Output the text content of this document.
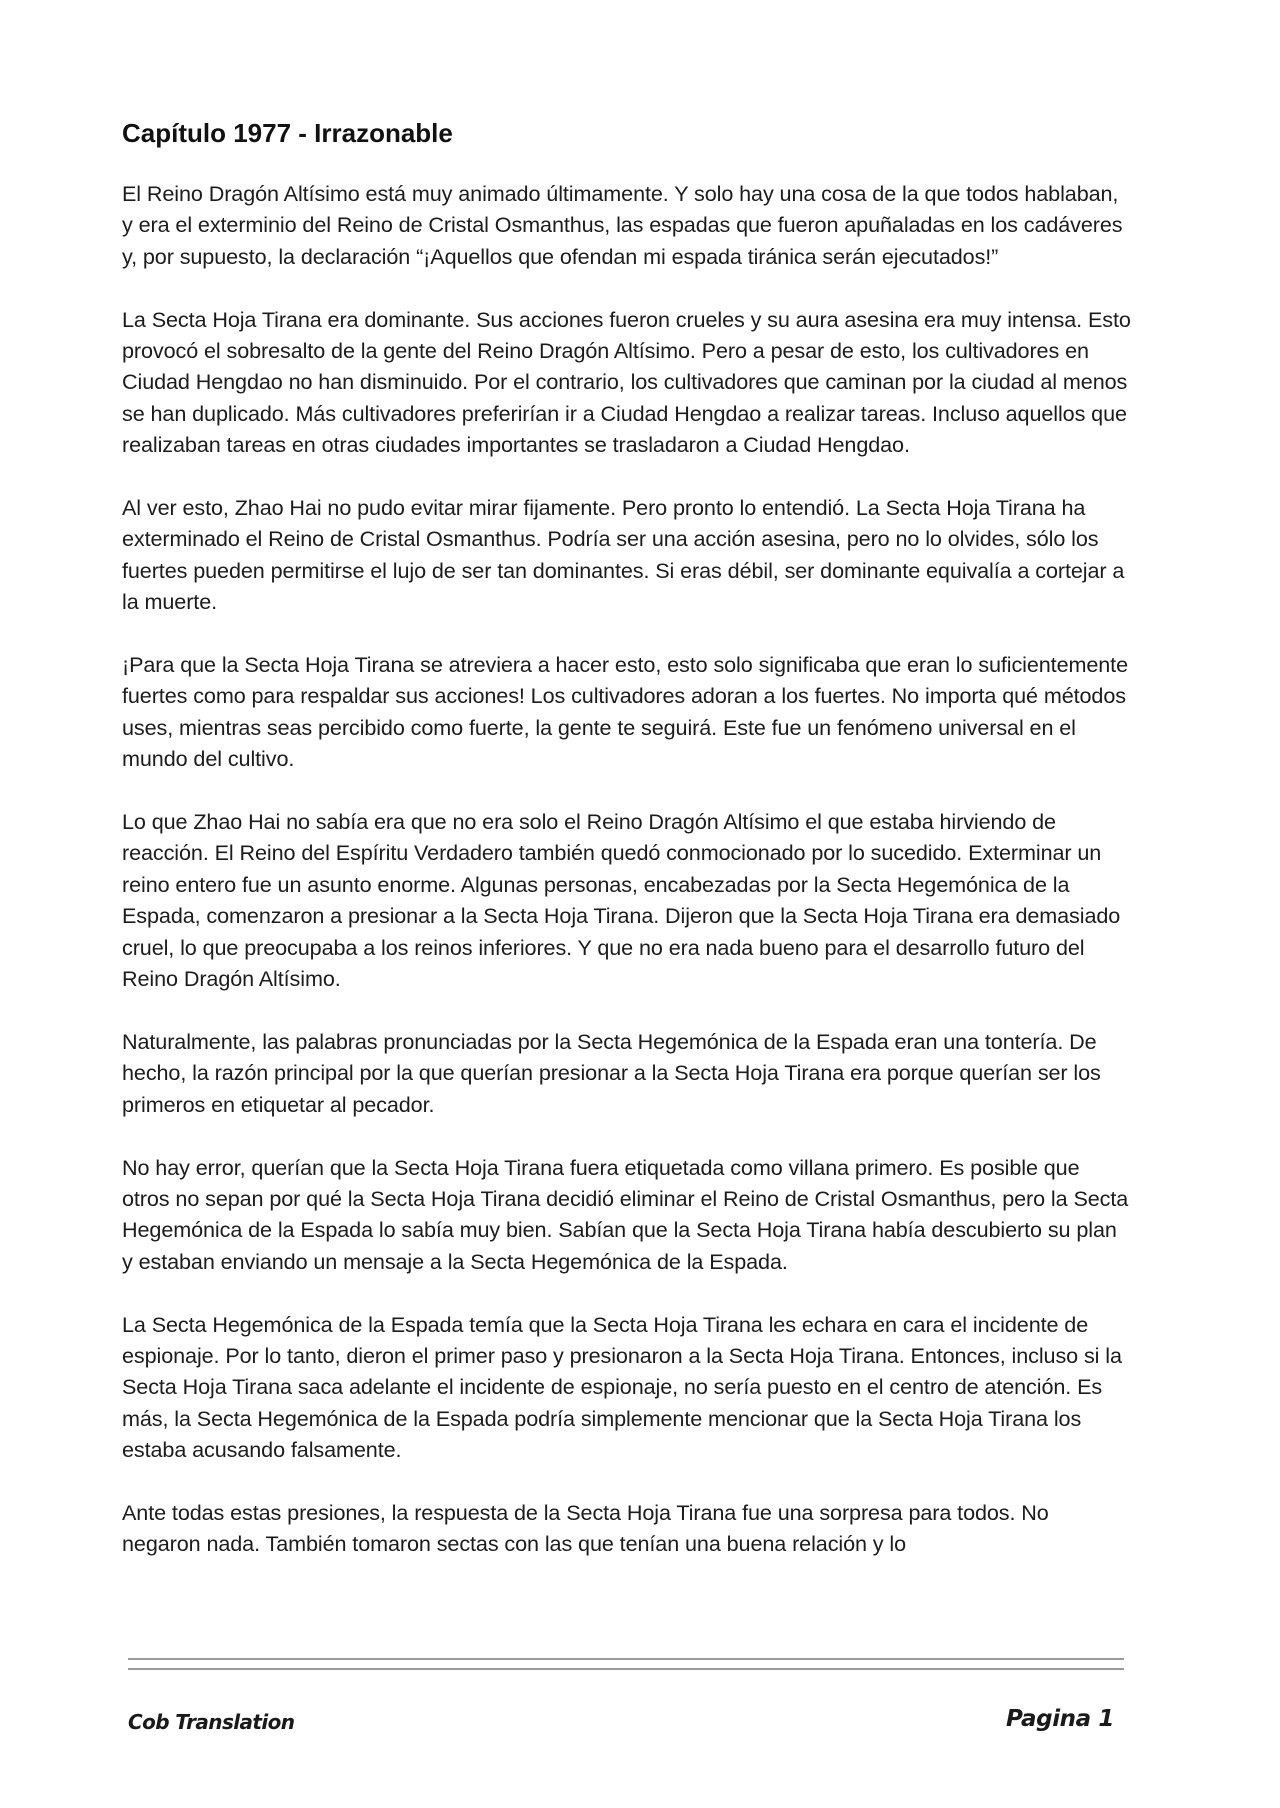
Capítulo 1977 - Irrazonable

El Reino Dragón Altísimo está muy animado últimamente. Y solo hay una cosa de la que todos hablaban, y era el exterminio del Reino de Cristal Osmanthus, las espadas que fueron apuñaladas en los cadáveres y, por supuesto, la declaración “¡Aquellos que ofendan mi espada tiránica serán ejecutados!”

La Secta Hoja Tirana era dominante. Sus acciones fueron crueles y su aura asesina era muy intensa. Esto provocó el sobresalto de la gente del Reino Dragón Altísimo. Pero a pesar de esto, los cultivadores en Ciudad Hengdao no han disminuido. Por el contrario, los cultivadores que caminan por la ciudad al menos se han duplicado. Más cultivadores preferirían ir a Ciudad Hengdao a realizar tareas. Incluso aquellos que realizaban tareas en otras ciudades importantes se trasladaron a Ciudad Hengdao.

Al ver esto, Zhao Hai no pudo evitar mirar fijamente. Pero pronto lo entendió. La Secta Hoja Tirana ha exterminado el Reino de Cristal Osmanthus. Podría ser una acción asesina, pero no lo olvides, sólo los fuertes pueden permitirse el lujo de ser tan dominantes. Si eras débil, ser dominante equivalía a cortejar a la muerte.

¡Para que la Secta Hoja Tirana se atreviera a hacer esto, esto solo significaba que eran lo suficientemente fuertes como para respaldar sus acciones! Los cultivadores adoran a los fuertes. No importa qué métodos uses, mientras seas percibido como fuerte, la gente te seguirá. Este fue un fenómeno universal en el mundo del cultivo.

Lo que Zhao Hai no sabía era que no era solo el Reino Dragón Altísimo el que estaba hirviendo de reacción. El Reino del Espíritu Verdadero también quedó conmocionado por lo sucedido. Exterminar un reino entero fue un asunto enorme. Algunas personas, encabezadas por la Secta Hegemónica de la Espada, comenzaron a presionar a la Secta Hoja Tirana. Dijeron que la Secta Hoja Tirana era demasiado cruel, lo que preocupaba a los reinos inferiores. Y que no era nada bueno para el desarrollo futuro del Reino Dragón Altísimo.

Naturalmente, las palabras pronunciadas por la Secta Hegemónica de la Espada eran una tontería. De hecho, la razón principal por la que querían presionar a la Secta Hoja Tirana era porque querían ser los primeros en etiquetar al pecador.

No hay error, querían que la Secta Hoja Tirana fuera etiquetada como villana primero. Es posible que otros no sepan por qué la Secta Hoja Tirana decidió eliminar el Reino de Cristal Osmanthus, pero la Secta Hegemónica de la Espada lo sabía muy bien. Sabían que la Secta Hoja Tirana había descubierto su plan y estaban enviando un mensaje a la Secta Hegemónica de la Espada.

La Secta Hegemónica de la Espada temía que la Secta Hoja Tirana les echara en cara el incidente de espionaje. Por lo tanto, dieron el primer paso y presionaron a la Secta Hoja Tirana. Entonces, incluso si la Secta Hoja Tirana saca adelante el incidente de espionaje, no sería puesto en el centro de atención. Es más, la Secta Hegemónica de la Espada podría simplemente mencionar que la Secta Hoja Tirana los estaba acusando falsamente.

Ante todas estas presiones, la respuesta de la Secta Hoja Tirana fue una sorpresa para todos. No negaron nada. También tomaron sectas con las que tenían una buena relación y lo

Cob Translation	Pagina 1
